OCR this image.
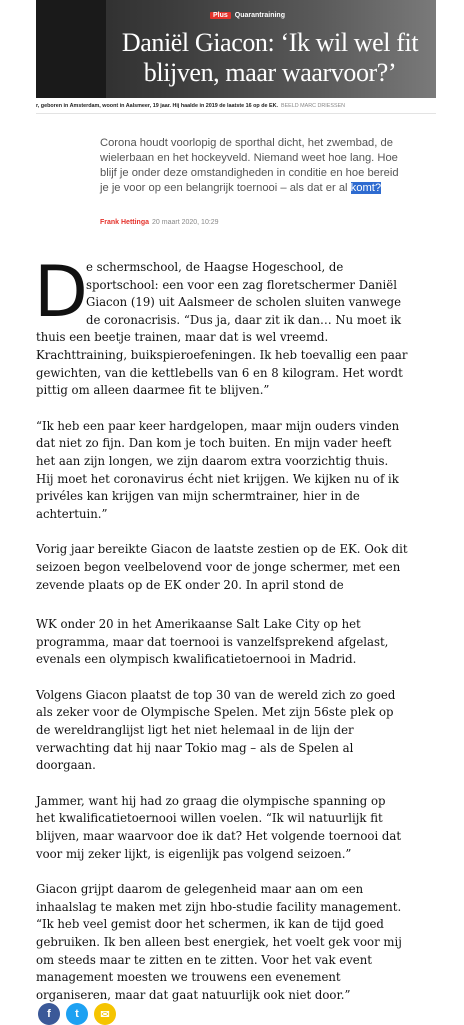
Plus Quarantraining
Daniël Giacon: ‘Ik wil wel fit blijven, maar waarvoor?’
r, geboren in Amsterdam, woont in Aalsmeer, 19 jaar. Hij haalde in 2019 de laatste 16 op de EK. BEELD MARC DRIESSEN
Corona houdt voorlopig de sporthal dicht, het zwembad, de wielerbaan en het hockeyveld. Niemand weet hoe lang. Hoe blijf je onder deze omstandigheden in conditie en hoe bereid je je voor op een belangrijk toernooi – als dat er al komt?
Frank Hettinga 20 maart 2020, 10:29

D
e schermschool, de Haagse Hogeschool, de sportschool: een voor een zag floretschermer Daniël Giacon (19) uit Aalsmeer de scholen sluiten vanwege de coronacrisis. “Dus ja, daar zit ik dan… Nu moet ik thuis een beetje trainen, maar dat is wel vreemd. Krachttraining, buikspieroefeningen. Ik heb toevallig een paar gewichten, van die kettlebells van 6 en 8 kilogram. Het wordt pittig om alleen daarmee fit te blijven.”

“Ik heb een paar keer hardgelopen, maar mijn ouders vinden dat niet zo fijn. Dan kom je toch buiten. En mijn vader heeft het aan zijn longen, we zijn daarom extra voorzichtig thuis. Hij moet het coronavirus écht niet krijgen. We kijken nu of ik privéles kan krijgen van mijn schermtrainer, hier in de achtertuin.”

Vorig jaar bereikte Giacon de laatste zestien op de EK. Ook dit seizoen begon veelbelovend voor de jonge schermer, met een zevende plaats op de EK onder 20. In april stond de

WK onder 20 in het Amerikaanse Salt Lake City op het programma, maar dat toernooi is vanzelfsprekend afgelast, evenals een olympisch kwalificatietoernooi in Madrid.

Volgens Giacon plaatst de top 30 van de wereld zich zo goed als zeker voor de Olympische Spelen. Met zijn 56ste plek op de wereldranglijst ligt het niet helemaal in de lijn der verwachting dat hij naar Tokio mag – als de Spelen al doorgaan.

Jammer, want hij had zo graag die olympische spanning op het kwalificatietoernooi willen voelen. “Ik wil natuurlijk fit blijven, maar waarvoor doe ik dat? Het volgende toernooi dat voor mij zeker lijkt, is eigenlijk pas volgend seizoen.”

Giacon grijpt daarom de gelegenheid maar aan om een inhaalslag te maken met zijn hbo-studie facility management. “Ik heb veel gemist door het schermen, ik kan de tijd goed gebruiken. Ik ben alleen best energiek, het voelt gek voor mij om steeds maar te zitten en te zitten. Voor het vak event management moesten we trouwens een evenement organiseren, maar dat gaat natuurlijk ook niet door.”

f t ✉
